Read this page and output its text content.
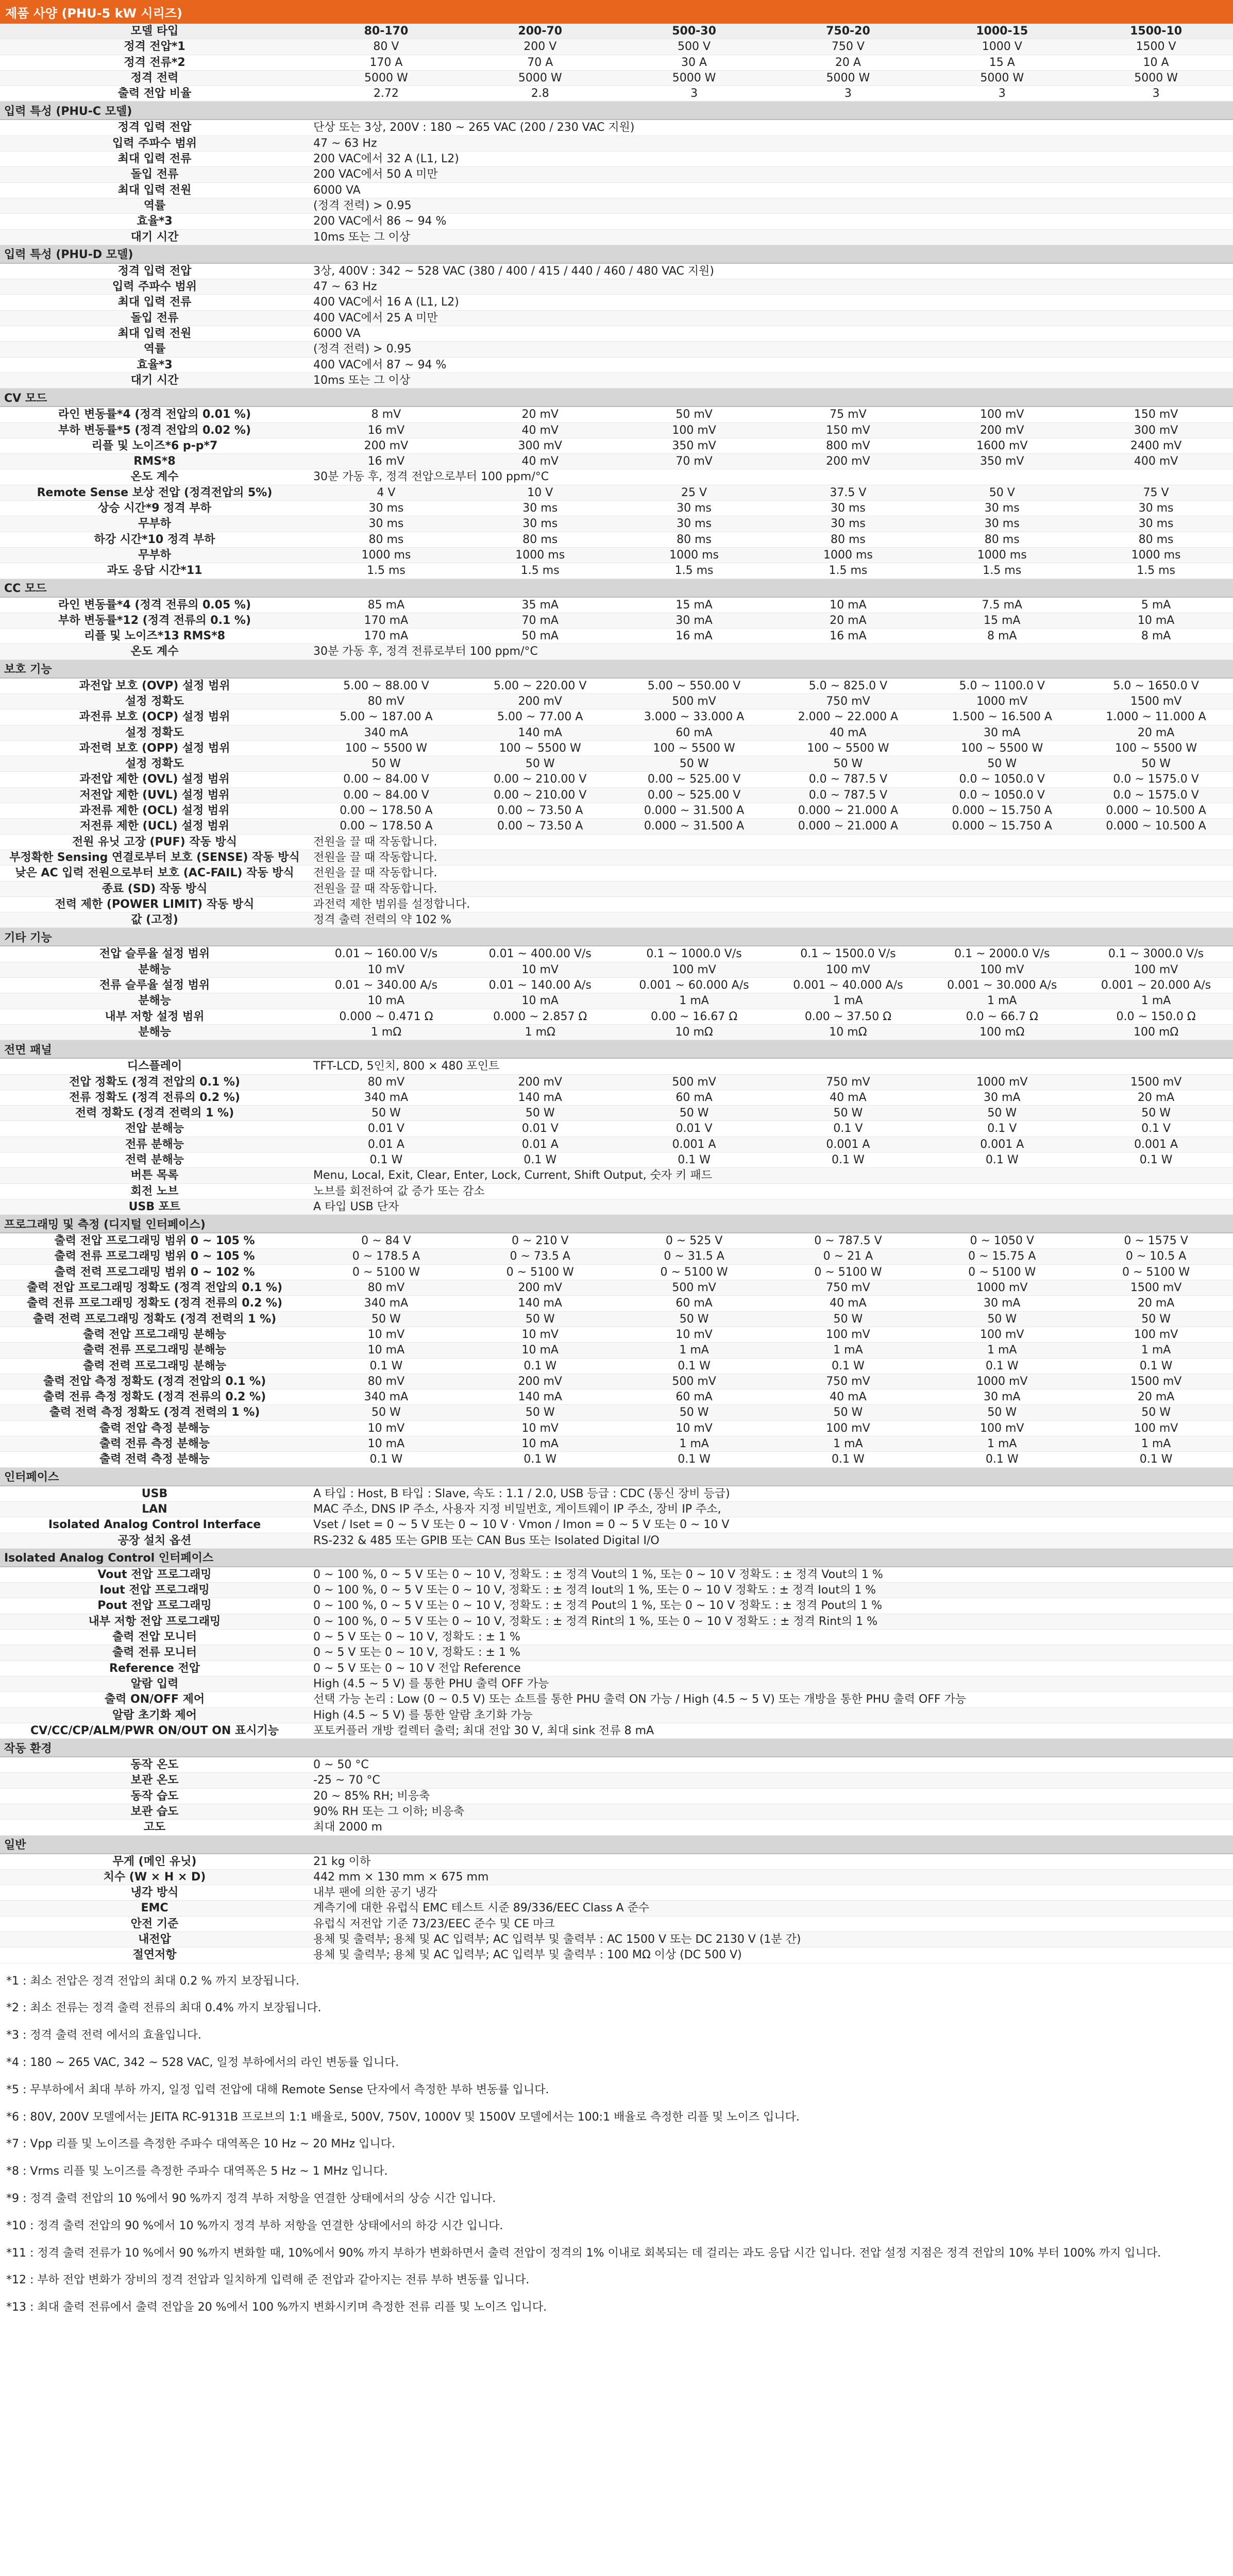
제품 사양 (PHU-5 kW 시리즈)
모델 타입	80-170	200-70	500-30	750-20	1000-15	1500-10
정격 전압*1	80 V	200 V	500 V	750 V	1000 V	1500 V
정격 전류*2	170 A	70 A	30 A	20 A	15 A	10 A
정격 전력	5000 W	5000 W	5000 W	5000 W	5000 W	5000 W
출력 전압 비율	2.72	2.8	3	3	3	3
입력 특성 (PHU-C 모델)
정격 입력 전압	단상 또는 3상, 200V : 180 ~ 265 VAC (200 / 230 VAC 지원)
입력 주파수 범위	47 ~ 63 Hz
최대 입력 전류	200 VAC에서 32 A (L1, L2)
돌입 전류	200 VAC에서 50 A 미만
최대 입력 전원	6000 VA
역률	(정격 전력) > 0.95
효율*3	200 VAC에서 86 ~ 94 %
대기 시간	10ms 또는 그 이상
입력 특성 (PHU-D 모델)
정격 입력 전압	3상, 400V : 342 ~ 528 VAC (380 / 400 / 415 / 440 / 460 / 480 VAC 지원)
입력 주파수 범위	47 ~ 63 Hz
최대 입력 전류	400 VAC에서 16 A (L1, L2)
돌입 전류	400 VAC에서 25 A 미만
최대 입력 전원	6000 VA
역률	(정격 전력) > 0.95
효율*3	400 VAC에서 87 ~ 94 %
대기 시간	10ms 또는 그 이상
CV 모드
라인 변동률*4 (정격 전압의 0.01 %)	8 mV	20 mV	50 mV	75 mV	100 mV	150 mV
부하 변동률*5 (정격 전압의 0.02 %)	16 mV	40 mV	100 mV	150 mV	200 mV	300 mV
리플 및 노이즈*6 p-p*7	200 mV	300 mV	350 mV	800 mV	1600 mV	2400 mV
RMS*8	16 mV	40 mV	70 mV	200 mV	350 mV	400 mV
온도 계수	30분 가동 후, 정격 전압으로부터 100 ppm/°C
Remote Sense 보상 전압 (정격전압의 5%)	4 V	10 V	25 V	37.5 V	50 V	75 V
상승 시간*9 정격 부하	30 ms	30 ms	30 ms	30 ms	30 ms	30 ms
무부하	30 ms	30 ms	30 ms	30 ms	30 ms	30 ms
하강 시간*10 정격 부하	80 ms	80 ms	80 ms	80 ms	80 ms	80 ms
무부하	1000 ms	1000 ms	1000 ms	1000 ms	1000 ms	1000 ms
과도 응답 시간*11	1.5 ms	1.5 ms	1.5 ms	1.5 ms	1.5 ms	1.5 ms
CC 모드
라인 변동률*4 (정격 전류의 0.05 %)	85 mA	35 mA	15 mA	10 mA	7.5 mA	5 mA
부하 변동률*12 (정격 전류의 0.1 %)	170 mA	70 mA	30 mA	20 mA	15 mA	10 mA
리플 및 노이즈*13 RMS*8	170 mA	50 mA	16 mA	16 mA	8 mA	8 mA
온도 계수	30분 가동 후, 정격 전류로부터 100 ppm/°C
보호 기능
과전압 보호 (OVP) 설정 범위	5.00 ~ 88.00 V	5.00 ~ 220.00 V	5.00 ~ 550.00 V	5.0 ~ 825.0 V	5.0 ~ 1100.0 V	5.0 ~ 1650.0 V
설정 정확도	80 mV	200 mV	500 mV	750 mV	1000 mV	1500 mV
과전류 보호 (OCP) 설정 범위	5.00 ~ 187.00 A	5.00 ~ 77.00 A	3.000 ~ 33.000 A	2.000 ~ 22.000 A	1.500 ~ 16.500 A	1.000 ~ 11.000 A
설정 정확도	340 mA	140 mA	60 mA	40 mA	30 mA	20 mA
과전력 보호 (OPP) 설정 범위	100 ~ 5500 W	100 ~ 5500 W	100 ~ 5500 W	100 ~ 5500 W	100 ~ 5500 W	100 ~ 5500 W
설정 정확도	50 W	50 W	50 W	50 W	50 W	50 W
과전압 제한 (OVL) 설정 범위	0.00 ~ 84.00 V	0.00 ~ 210.00 V	0.00 ~ 525.00 V	0.0 ~ 787.5 V	0.0 ~ 1050.0 V	0.0 ~ 1575.0 V
저전압 제한 (UVL) 설정 범위	0.00 ~ 84.00 V	0.00 ~ 210.00 V	0.00 ~ 525.00 V	0.0 ~ 787.5 V	0.0 ~ 1050.0 V	0.0 ~ 1575.0 V
과전류 제한 (OCL) 설정 범위	0.00 ~ 178.50 A	0.00 ~ 73.50 A	0.000 ~ 31.500 A	0.000 ~ 21.000 A	0.000 ~ 15.750 A	0.000 ~ 10.500 A
저전류 제한 (UCL) 설정 범위	0.00 ~ 178.50 A	0.00 ~ 73.50 A	0.000 ~ 31.500 A	0.000 ~ 21.000 A	0.000 ~ 15.750 A	0.000 ~ 10.500 A
전원 유닛 고장 (PUF) 작동 방식	전원을 끌 때 작동합니다.
부정확한 Sensing 연결로부터 보호 (SENSE) 작동 방식	전원을 끌 때 작동합니다.
낮은 AC 입력 전원으로부터 보호 (AC-FAIL) 작동 방식	전원을 끌 때 작동합니다.
종료 (SD) 작동 방식	전원을 끌 때 작동합니다.
전력 제한 (POWER LIMIT) 작동 방식	과전력 제한 범위를 설정합니다.
값 (고정)	정격 출력 전력의 약 102 %
기타 기능
전압 슬루율 설정 범위	0.01 ~ 160.00 V/s	0.01 ~ 400.00 V/s	0.1 ~ 1000.0 V/s	0.1 ~ 1500.0 V/s	0.1 ~ 2000.0 V/s	0.1 ~ 3000.0 V/s
분해능	10 mV	10 mV	100 mV	100 mV	100 mV	100 mV
전류 슬루율 설정 범위	0.01 ~ 340.00 A/s	0.01 ~ 140.00 A/s	0.001 ~ 60.000 A/s	0.001 ~ 40.000 A/s	0.001 ~ 30.000 A/s	0.001 ~ 20.000 A/s
분해능	10 mA	10 mA	1 mA	1 mA	1 mA	1 mA
내부 저항 설정 범위	0.000 ~ 0.471 Ω	0.000 ~ 2.857 Ω	0.00 ~ 16.67 Ω	0.00 ~ 37.50 Ω	0.0 ~ 66.7 Ω	0.0 ~ 150.0 Ω
분해능	1 mΩ	1 mΩ	10 mΩ	10 mΩ	100 mΩ	100 mΩ
전면 패널
디스플레이	TFT-LCD, 5인치, 800 × 480 포인트
전압 정확도 (정격 전압의 0.1 %)	80 mV	200 mV	500 mV	750 mV	1000 mV	1500 mV
전류 정확도 (정격 전류의 0.2 %)	340 mA	140 mA	60 mA	40 mA	30 mA	20 mA
전력 정확도 (정격 전력의 1 %)	50 W	50 W	50 W	50 W	50 W	50 W
전압 분해능	0.01 V	0.01 V	0.01 V	0.1 V	0.1 V	0.1 V
전류 분해능	0.01 A	0.01 A	0.001 A	0.001 A	0.001 A	0.001 A
전력 분해능	0.1 W	0.1 W	0.1 W	0.1 W	0.1 W	0.1 W
버튼 목록	Menu, Local, Exit, Clear, Enter, Lock, Current, Shift Output, 숫자 키 패드
회전 노브	노브를 회전하여 값 증가 또는 감소
USB 포트	A 타입 USB 단자
프로그래밍 및 측정 (디지털 인터페이스)
출력 전압 프로그래밍 범위 0 ~ 105 %	0 ~ 84 V	0 ~ 210 V	0 ~ 525 V	0 ~ 787.5 V	0 ~ 1050 V	0 ~ 1575 V
출력 전류 프로그래밍 범위 0 ~ 105 %	0 ~ 178.5 A	0 ~ 73.5 A	0 ~ 31.5 A	0 ~ 21 A	0 ~ 15.75 A	0 ~ 10.5 A
출력 전력 프로그래밍 범위 0 ~ 102 %	0 ~ 5100 W	0 ~ 5100 W	0 ~ 5100 W	0 ~ 5100 W	0 ~ 5100 W	0 ~ 5100 W
출력 전압 프로그래밍 정확도 (정격 전압의 0.1 %)	80 mV	200 mV	500 mV	750 mV	1000 mV	1500 mV
출력 전류 프로그래밍 정확도 (정격 전류의 0.2 %)	340 mA	140 mA	60 mA	40 mA	30 mA	20 mA
출력 전력 프로그래밍 정확도 (정격 전력의 1 %)	50 W	50 W	50 W	50 W	50 W	50 W
출력 전압 프로그래밍 분해능	10 mV	10 mV	10 mV	100 mV	100 mV	100 mV
출력 전류 프로그래밍 분해능	10 mA	10 mA	1 mA	1 mA	1 mA	1 mA
출력 전력 프로그래밍 분해능	0.1 W	0.1 W	0.1 W	0.1 W	0.1 W	0.1 W
출력 전압 측정 정확도 (정격 전압의 0.1 %)	80 mV	200 mV	500 mV	750 mV	1000 mV	1500 mV
출력 전류 측정 정확도 (정격 전류의 0.2 %)	340 mA	140 mA	60 mA	40 mA	30 mA	20 mA
출력 전력 측정 정확도 (정격 전력의 1 %)	50 W	50 W	50 W	50 W	50 W	50 W
출력 전압 측정 분해능	10 mV	10 mV	10 mV	100 mV	100 mV	100 mV
출력 전류 측정 분해능	10 mA	10 mA	1 mA	1 mA	1 mA	1 mA
출력 전력 측정 분해능	0.1 W	0.1 W	0.1 W	0.1 W	0.1 W	0.1 W
인터페이스
USB	A 타입 : Host, B 타입 : Slave, 속도 : 1.1 / 2.0, USB 등급 : CDC (통신 장비 등급)
LAN	MAC 주소, DNS IP 주소, 사용자 지정 비밀번호, 게이트웨이 IP 주소, 장비 IP 주소,
Isolated Analog Control Interface	Vset / Iset = 0 ~ 5 V 또는 0 ~ 10 V · Vmon / Imon = 0 ~ 5 V 또는 0 ~ 10 V
공장 설치 옵션	RS-232 & 485 또는 GPIB 또는 CAN Bus 또는 Isolated Digital I/O
Isolated Analog Control 인터페이스
Vout 전압 프로그래밍	0 ~ 100 %, 0 ~ 5 V 또는 0 ~ 10 V, 정확도 : ± 정격 Vout의 1 %, 또는 0 ~ 10 V 정확도 : ± 정격 Vout의 1 %
Iout 전압 프로그래밍	0 ~ 100 %, 0 ~ 5 V 또는 0 ~ 10 V, 정확도 : ± 정격 Iout의 1 %, 또는 0 ~ 10 V 정확도 : ± 정격 Iout의 1 %
Pout 전압 프로그래밍	0 ~ 100 %, 0 ~ 5 V 또는 0 ~ 10 V, 정확도 : ± 정격 Pout의 1 %, 또는 0 ~ 10 V 정확도 : ± 정격 Pout의 1 %
내부 저항 전압 프로그래밍	0 ~ 100 %, 0 ~ 5 V 또는 0 ~ 10 V, 정확도 : ± 정격 Rint의 1 %, 또는 0 ~ 10 V 정확도 : ± 정격 Rint의 1 %
출력 전압 모니터	0 ~ 5 V 또는 0 ~ 10 V, 정확도 : ± 1 %
출력 전류 모니터	0 ~ 5 V 또는 0 ~ 10 V, 정확도 : ± 1 %
Reference 전압	0 ~ 5 V 또는 0 ~ 10 V 전압 Reference
알람 입력	High (4.5 ~ 5 V) 를 통한 PHU 출력 OFF 가능
출력 ON/OFF 제어	선택 가능 논리 : Low (0 ~ 0.5 V) 또는 쇼트를 통한 PHU 출력 ON 가능 / High (4.5 ~ 5 V) 또는 개방을 통한 PHU 출력 OFF 가능
알람 초기화 제어	High (4.5 ~ 5 V) 를 통한 알람 초기화 가능
CV/CC/CP/ALM/PWR ON/OUT ON 표시기능	포토커플러 개방 컬렉터 출력; 최대 전압 30 V, 최대 sink 전류 8 mA
작동 환경
동작 온도	0 ~ 50 °C
보관 온도	-25 ~ 70 °C
동작 습도	20 ~ 85% RH; 비응축
보관 습도	90% RH 또는 그 이하; 비응축
고도	최대 2000 m
일반
무게 (메인 유닛)	21 kg 이하
치수 (W × H × D)	442 mm × 130 mm × 675 mm
냉각 방식	내부 팬에 의한 공기 냉각
EMC	계측기에 대한 유럽식 EMC 테스트 시준 89/336/EEC Class A 준수
안전 기준	유럽식 저전압 기준 73/23/EEC 준수 및 CE 마크
내전압	용체 및 출력부; 용체 및 AC 입력부; AC 입력부 및 출력부 : AC 1500 V 또는 DC 2130 V (1분 간)
절연저항	용체 및 출력부; 용체 및 AC 입력부; AC 입력부 및 출력부 : 100 MΩ 이상 (DC 500 V)

*1 : 최소 전압은 정격 전압의 최대 0.2 % 까지 보장됩니다.

*2 : 최소 전류는 정격 출력 전류의 최대 0.4% 까지 보장됩니다.

*3 : 정격 출력 전력 에서의 효율입니다.

*4 : 180 ~ 265 VAC, 342 ~ 528 VAC, 일정 부하에서의 라인 변동률 입니다.

*5 : 무부하에서 최대 부하 까지, 일정 입력 전압에 대해 Remote Sense 단자에서 측정한 부하 변동률 입니다.

*6 : 80V, 200V 모델에서는 JEITA RC-9131B 프로브의 1:1 배율로, 500V, 750V, 1000V 및 1500V 모델에서는 100:1 배율로 측정한 리플 및 노이즈 입니다.

*7 : Vpp 리플 및 노이즈를 측정한 주파수 대역폭은 10 Hz ~ 20 MHz 입니다.

*8 : Vrms 리플 및 노이즈를 측정한 주파수 대역폭은 5 Hz ~ 1 MHz 입니다.

*9 : 정격 출력 전압의 10 %에서 90 %까지 정격 부하 저항을 연결한 상태에서의 상승 시간 입니다.

*10 : 정격 출력 전압의 90 %에서 10 %까지 정격 부하 저항을 연결한 상태에서의 하강 시간 입니다.

*11 : 정격 출력 전류가 10 %에서 90 %까지 변화할 때, 10%에서 90% 까지 부하가 변화하면서 출력 전압이 정격의 1% 이내로 회복되는 데 걸리는 과도 응답 시간 입니다. 전압 설정 지점은 정격 전압의 10% 부터 100% 까지 입니다.

*12 : 부하 전압 변화가 장비의 정격 전압과 일치하게 입력해 준 전압과 같아지는 전류 부하 변동률 입니다.

*13 : 최대 출력 전류에서 출력 전압을 20 %에서 100 %까지 변화시키며 측정한 전류 리플 및 노이즈 입니다.
